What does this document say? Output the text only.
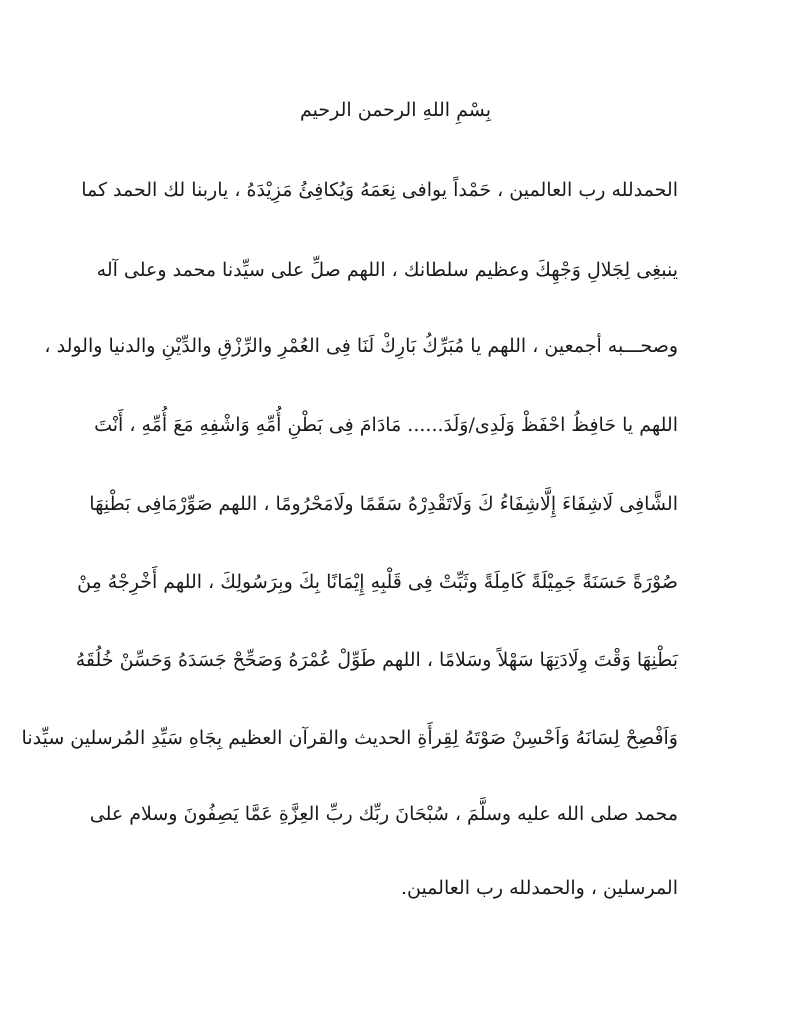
بِسْمِ اللهِ الرحمن الرحيم
الحمدلله رب العالمين ، حَمْداً يوافى نِعَمَهُ وَيُكافِئُ مَزِيْدَهُ ، ياربنا لك الحمد كما
ينبغِى لِجَلالِ وَجْهِكَ وعظيم سلطانك ، اللهم صلِّ على سيِّدنا محمد وعلى آله
وصحـــبه أجمعين ، اللهم يا مُبَرِّكُ بَارِكْ لَنَا فِى العُمْرِ والرِّزْقِ والدِّيْنِ والدنيا والولد ،
اللهم يا حَافِظُ احْفَظْ وَلَدِى/وَلَدَ...... مَادَامَ فِى بَطْنِ أُمِّهِ وَاشْفِهِ مَعَ أُمِّهِ ، أَنْتَ
الشَّافِى لَاشِفَاءَ إِلَّاشِفَاءُ كَ وَلَاتَقْدِرْهُ سَقَمًا ولَامَحْرُومًا ، اللهم صَوِّرْمَافِى بَطْنِهَا
صُوْرَةً حَسَنَةً جَمِيْلَةً كَامِلَةً وثَبِّتْ فِى قَلْبِهِ إِيْمَانًا بِكَ وبِرَسُولِكَ ، اللهم أَخْرِجْهُ مِنْ
بَطْنِهَا وَقْتَ وِلَادَتِهَا سَهْلاً وسَلامًا ، اللهم طَوِّلْ عُمْرَهُ وَصَحِّحْ جَسَدَهُ وَحَسِّنْ خُلُقَهُ
وَاَفْصِحْ لِسَانَهُ وَاَحْسِنْ صَوْتَهُ لِقِرأَةِ الحديث والقرآن العظيم بِجَاهِ سَيِّدِ المُرسلين سيِّدنا
محمد صلى الله عليه وسلَّمَ ، سُبْحَانَ ربِّك ربِّ العِزَّةِ عَمَّا يَصِفُونَ وسلام على
المرسلين ، والحمدلله رب العالمين.
